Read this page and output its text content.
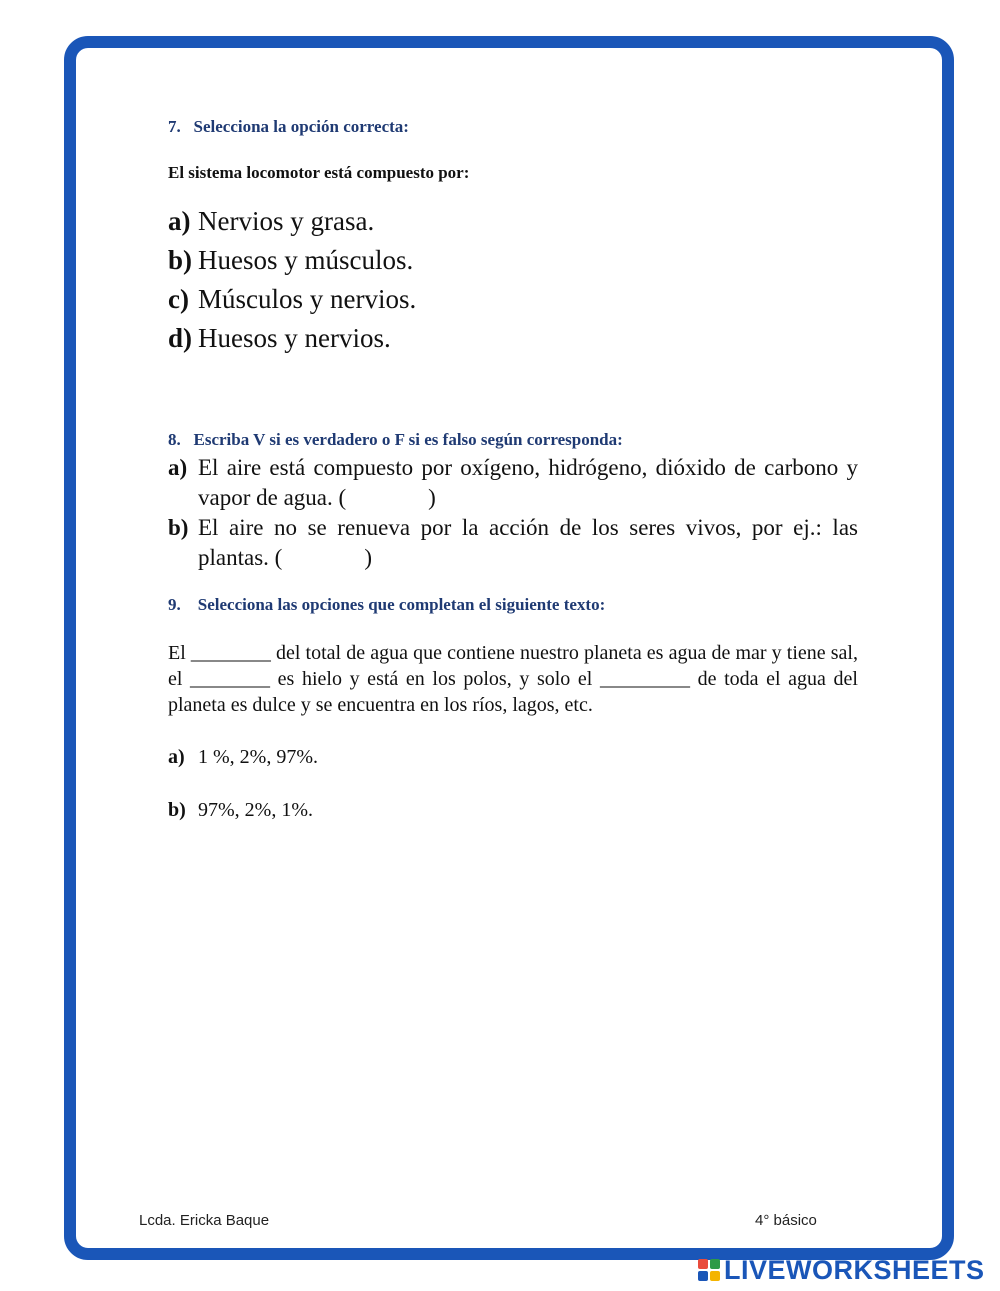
7. Selecciona la opción correcta:
El sistema locomotor está compuesto por:
a) Nervios y grasa.
b) Huesos y músculos.
c) Músculos y nervios.
d) Huesos y nervios.
8. Escriba V si es verdadero o F si es falso según corresponda:
a) El aire está compuesto por oxígeno, hidrógeno, dióxido de carbono y vapor de agua. (	)
b) El aire no se renueva por la acción de los seres vivos, por ej.: las plantas. (	)
9. Selecciona las opciones que completan el siguiente texto:
El ________ del total de agua que contiene nuestro planeta es agua de mar y tiene sal, el ________ es hielo y está en los polos, y solo el _________ de toda el agua del planeta es dulce y se encuentra en los ríos, lagos, etc.
a) 1 %, 2%, 97%.
b) 97%, 2%, 1%.
Lcda. Ericka Baque	4° básico
LIVEWORKSHEETS
